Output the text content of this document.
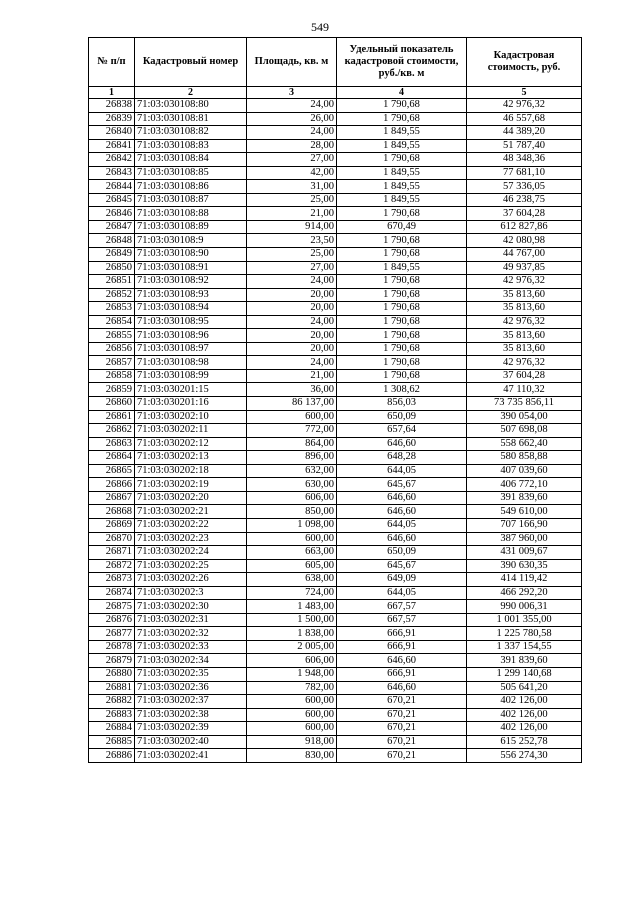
549
№ п/п	Кадастровый номер	Площадь, кв. м	Удельный показатель кадастровой стоимости, руб./кв. м	Кадастровая стоимость, руб.
1	2	3	4	5
26838	71:03:030108:80	24,00	1 790,68	42 976,32
26839	71:03:030108:81	26,00	1 790,68	46 557,68
26840	71:03:030108:82	24,00	1 849,55	44 389,20
26841	71:03:030108:83	28,00	1 849,55	51 787,40
26842	71:03:030108:84	27,00	1 790,68	48 348,36
26843	71:03:030108:85	42,00	1 849,55	77 681,10
26844	71:03:030108:86	31,00	1 849,55	57 336,05
26845	71:03:030108:87	25,00	1 849,55	46 238,75
26846	71:03:030108:88	21,00	1 790,68	37 604,28
26847	71:03:030108:89	914,00	670,49	612 827,86
26848	71:03:030108:9	23,50	1 790,68	42 080,98
26849	71:03:030108:90	25,00	1 790,68	44 767,00
26850	71:03:030108:91	27,00	1 849,55	49 937,85
26851	71:03:030108:92	24,00	1 790,68	42 976,32
26852	71:03:030108:93	20,00	1 790,68	35 813,60
26853	71:03:030108:94	20,00	1 790,68	35 813,60
26854	71:03:030108:95	24,00	1 790,68	42 976,32
26855	71:03:030108:96	20,00	1 790,68	35 813,60
26856	71:03:030108:97	20,00	1 790,68	35 813,60
26857	71:03:030108:98	24,00	1 790,68	42 976,32
26858	71:03:030108:99	21,00	1 790,68	37 604,28
26859	71:03:030201:15	36,00	1 308,62	47 110,32
26860	71:03:030201:16	86 137,00	856,03	73 735 856,11
26861	71:03:030202:10	600,00	650,09	390 054,00
26862	71:03:030202:11	772,00	657,64	507 698,08
26863	71:03:030202:12	864,00	646,60	558 662,40
26864	71:03:030202:13	896,00	648,28	580 858,88
26865	71:03:030202:18	632,00	644,05	407 039,60
26866	71:03:030202:19	630,00	645,67	406 772,10
26867	71:03:030202:20	606,00	646,60	391 839,60
26868	71:03:030202:21	850,00	646,60	549 610,00
26869	71:03:030202:22	1 098,00	644,05	707 166,90
26870	71:03:030202:23	600,00	646,60	387 960,00
26871	71:03:030202:24	663,00	650,09	431 009,67
26872	71:03:030202:25	605,00	645,67	390 630,35
26873	71:03:030202:26	638,00	649,09	414 119,42
26874	71:03:030202:3	724,00	644,05	466 292,20
26875	71:03:030202:30	1 483,00	667,57	990 006,31
26876	71:03:030202:31	1 500,00	667,57	1 001 355,00
26877	71:03:030202:32	1 838,00	666,91	1 225 780,58
26878	71:03:030202:33	2 005,00	666,91	1 337 154,55
26879	71:03:030202:34	606,00	646,60	391 839,60
26880	71:03:030202:35	1 948,00	666,91	1 299 140,68
26881	71:03:030202:36	782,00	646,60	505 641,20
26882	71:03:030202:37	600,00	670,21	402 126,00
26883	71:03:030202:38	600,00	670,21	402 126,00
26884	71:03:030202:39	600,00	670,21	402 126,00
26885	71:03:030202:40	918,00	670,21	615 252,78
26886	71:03:030202:41	830,00	670,21	556 274,30
